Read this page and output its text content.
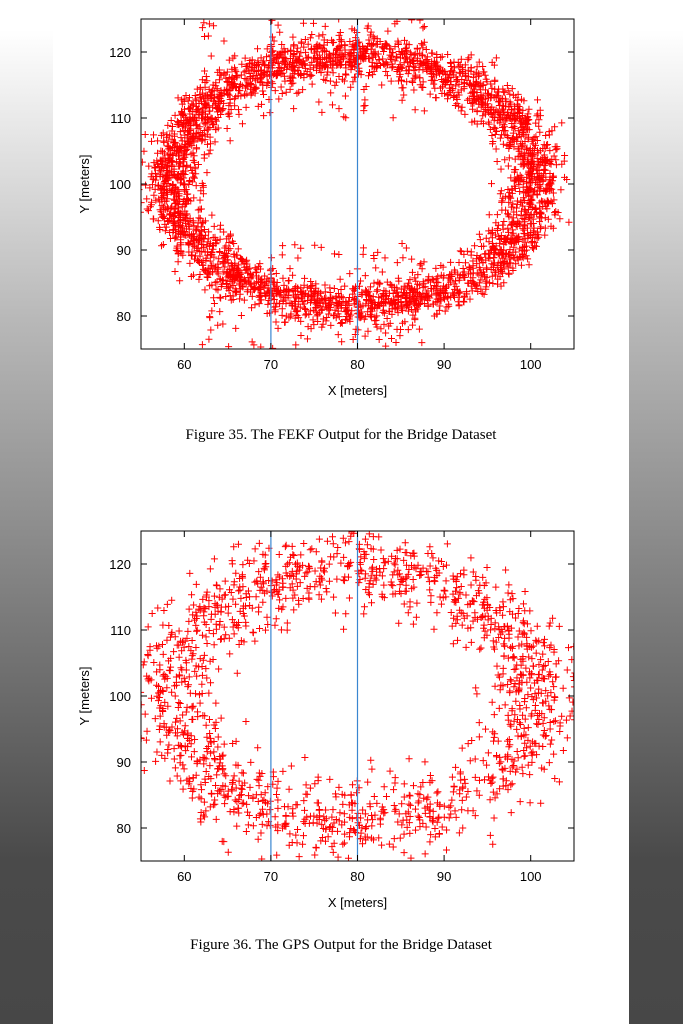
60	70	80	90	100
80
90
100
110
120
X [meters]
Y [meters]
Figure 35. The FEKF Output for the Bridge Dataset
60	70	80	90	100
80
90
100
110
120
X [meters]
Y [meters]
Figure 36. The GPS Output for the Bridge Dataset
